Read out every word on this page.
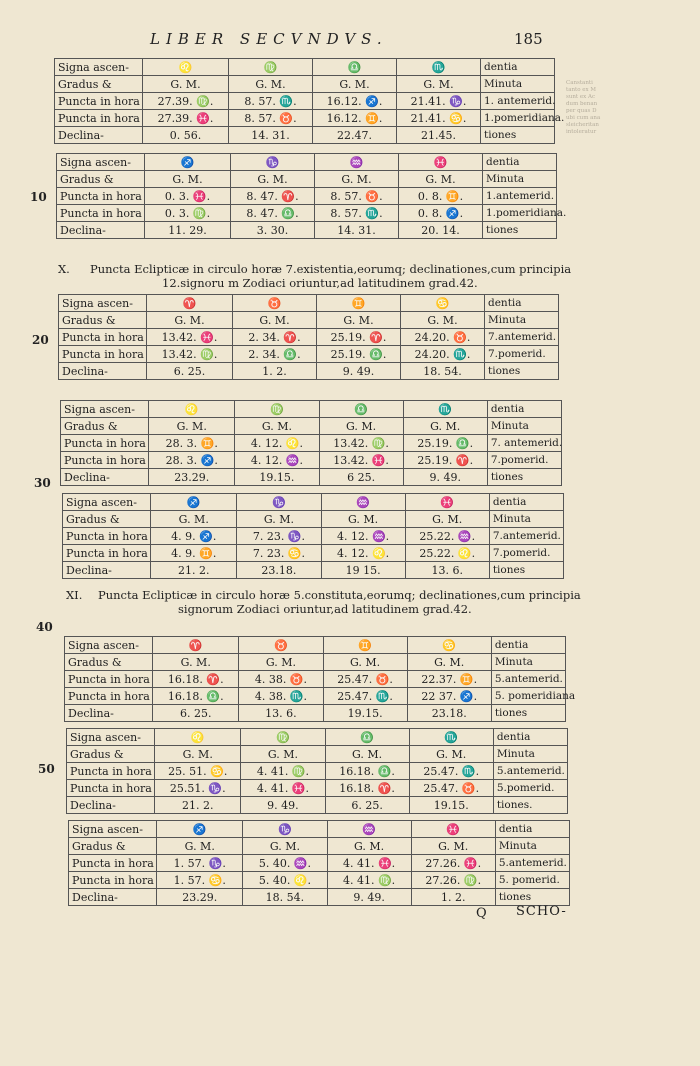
LIBER SECVNDVS.	185
Canstanti
tanto ex M
sunt ex Ac
dum benan
per quas D
ubi cum ana
sleicheritan
intoleratur
10
20
30
40
50
X. Puncta Eclipticæ in circulo horæ 7.existentia,eorumq; declinationes,cum principia
12.signoru m Zodiaci oriuntur,ad latitudinem grad.42.
XI. Puncta Eclipticæ in circulo horæ 5.constituta,eorumq; declinationes,cum principia
signorum Zodiaci oriuntur,ad latitudinem grad.42.
Signa ascen-	♌	♍	♎	♏	dentia
Gradus &	G. M.	G. M.	G. M.	G. M.	Minuta
Puncta in hora	27.39. ♍.	8. 57. ♏.	16.12. ♐.	21.41. ♑.	1. antemerid.
Puncta in hora	27.39. ♓.	8. 57. ♉.	16.12. ♊.	21.41. ♋.	1.pomeridiana.
Declina-	0. 56.	14. 31.	22.47.	21.45.	tiones
Signa ascen-	♐	♑	♒	♓	dentia
Gradus &	G. M.	G. M.	G. M.	G. M.	Minuta
Puncta in hora	0. 3. ♓.	8. 47. ♈.	8. 57. ♉.	0. 8. ♊.	1.antemerid.
Puncta in hora	0. 3. ♍.	8. 47. ♎.	8. 57. ♏.	0. 8. ♐.	1.pomeridiana.
Declina-	11. 29.	3. 30.	14. 31.	20. 14.	tiones
Signa ascen-	♈	♉	♊	♋	dentia
Gradus &	G. M.	G. M.	G. M.	G. M.	Minuta
Puncta in hora	13.42. ♓.	2. 34. ♈.	25.19. ♈.	24.20. ♉.	7.antemerid.
Puncta in hora	13.42. ♍.	2. 34. ♎.	25.19. ♎.	24.20. ♏.	7.pomerid.
Declina-	6. 25.	1. 2.	9. 49.	18. 54.	tiones
Signa ascen-	♌	♍	♎	♏	dentia
Gradus &	G. M.	G. M.	G. M.	G. M.	Minuta
Puncta in hora	28. 3. ♊.	4. 12. ♌.	13.42. ♍.	25.19. ♎.	7. antemerid.
Puncta in hora	28. 3. ♐.	4. 12. ♒.	13.42. ♓.	25.19. ♈.	7.pomerid.
Declina-	23.29.	19.15.	6 25.	9. 49.	tiones
Signa ascen-	♐	♑	♒	♓	dentia
Gradus &	G. M.	G. M.	G. M.	G. M.	Minuta
Puncta in hora	4. 9. ♐.	7. 23. ♑.	4. 12. ♒.	25.22. ♒.	7.antemerid.
Puncta in hora	4. 9. ♊.	7. 23. ♋.	4. 12. ♌.	25.22. ♌.	7.pomerid.
Declina-	21. 2.	23.18.	19 15.	13. 6.	tiones
Signa ascen-	♈	♉	♊	♋	dentia
Gradus &	G. M.	G. M.	G. M.	G. M.	Minuta
Puncta in hora	16.18. ♈.	4. 38. ♉.	25.47. ♉.	22.37. ♊.	5.antemerid.
Puncta in hora	16.18. ♎.	4. 38. ♏.	25.47. ♏.	22 37. ♐.	5. pomeridiana
Declina-	6. 25.	13. 6.	19.15.	23.18.	tiones
Signa ascen-	♌	♍	♎	♏	dentia
Gradus &	G. M.	G. M.	G. M.	G. M.	Minuta
Puncta in hora	25. 51. ♋.	4. 41. ♍.	16.18. ♎.	25.47. ♏.	5.antemerid.
Puncta in hora	25.51. ♑.	4. 41. ♓.	16.18. ♈.	25.47. ♉.	5.pomerid.
Declina-	21. 2.	9. 49.	6. 25.	19.15.	tiones.
Signa ascen-	♐	♑	♒	♓	dentia
Gradus &	G. M.	G. M.	G. M.	G. M.	Minuta
Puncta in hora	1. 57. ♑.	5. 40. ♒.	4. 41. ♓.	27.26. ♓.	5.antemerid.
Puncta in hora	1. 57. ♋.	5. 40. ♌.	4. 41. ♍.	27.26. ♍.	5. pomerid.
Declina-	23.29.	18. 54.	9. 49.	1. 2.	tiones
Q SCHO-
